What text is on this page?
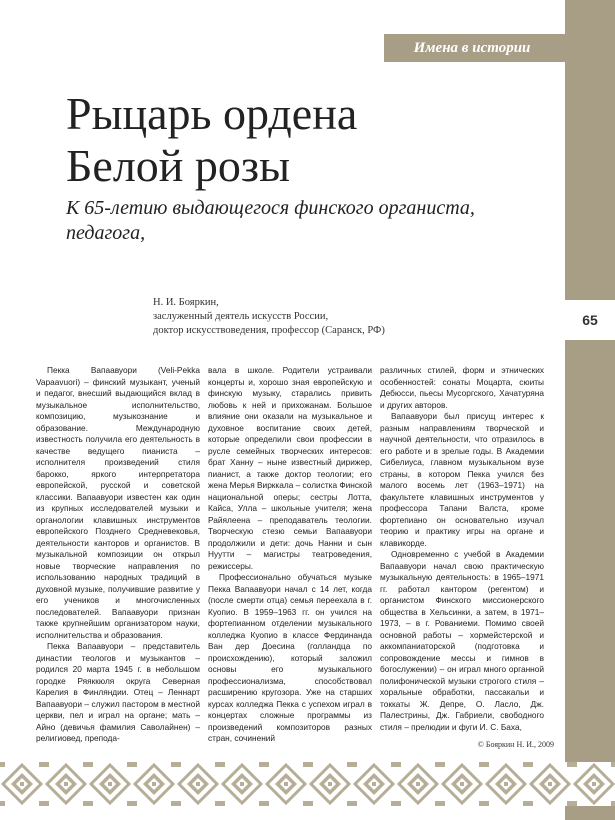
Имена в истории
65
Рыцарь ордена
Белой розы
К 65-летию выдающегося финского органиста, педагога,
Н. И. Бояркин,
заслуженный деятель искусств России,
доктор искусствоведения, профессор (Саранск, РФ)

Пекка Вапаавуори (Veli-Pekka Vapaavuori) – финский музыкант, ученый и педагог, внесший выдающийся вклад в музыкальное исполнительство, композицию, музыкознание и образование. Международную известность получила его деятельность в качестве ведущего пианиста – исполнителя произведений стиля барокко, яркого интерпретатора европейской, русской и советской классики. Вапаавуори известен как один из крупных исследователей музыки и органологии клавишных инструментов европейского Позднего Средневековья, деятельности канторов и органистов. В музыкальной композиции он открыл новые творческие направления по использованию народных традиций в духовной музыке, получившие развитие у его учеников и многочисленных последователей. Вапаавуори признан также крупнейшим организатором науки, исполнительства и образования.

Пекка Вапаавуори – представитель династии теологов и музыкантов – родился 20 марта 1945 г. в небольшом городке Ряяккюля округа Северная Карелия в Финляндии. Отец – Леннарт Вапаавуори – служил пастором в местной церкви, пел и играл на органе; мать – Айно (девичья фамилия Саволайнен) – религиовед, препода-

вала в школе. Родители устраивали концерты и, хорошо зная европейскую и финскую музыку, старались привить любовь к ней и прихожанам. Большое влияние они оказали на музыкальное и духовное воспитание своих детей, которые определили свои профессии в русле семейных творческих интересов: брат Ханну – ныне известный дирижер, пианист, а также доктор теологии; его жена Мерья Вирккала – солистка Финской национальной оперы; сестры Лотта, Кайса, Улла – школьные учителя; жена Райялеена – преподаватель теологии. Творческую стезю семьи Вапаавуори продолжили и дети: дочь Нанни и сын Нуутти – магистры театроведения, режиссеры.

Профессионально обучаться музыке Пекка Вапаавуори начал с 14 лет, когда (после смерти отца) семья переехала в г. Куопио. В 1959–1963 гг. он учился на фортепианном отделении музыкального колледжа Куопио в классе Фердинанда Ван дер Доесина (голландца по происхождению), который заложил основы его музыкального профессионализма, способствовал расширению кругозора. Уже на старших курсах колледжа Пекка с успехом играл в концертах сложные программы из произведений композиторов разных стран, сочинений

различных стилей, форм и этнических особенностей: сонаты Моцарта, сюиты Дебюсси, пьесы Мусоргского, Хачатуряна и других авторов.

Вапаавуори был присущ интерес к разным направлениям творческой и научной деятельности, что отразилось в его работе и в зрелые годы. В Академии Сибелиуса, главном музыкальном вузе страны, в котором Пекка учился без малого восемь лет (1963–1971) на факультете клавишных инструментов у профессора Тапани Валста, кроме фортепиано он основательно изучал теорию и практику игры на органе и клавикорде.

Одновременно с учебой в Академии Вапаавуори начал свою практическую музыкальную деятельность: в 1965–1971 гг. работал кантором (регентом) и органистом Финского миссионерского общества в Хельсинки, а затем, в 1971–1973, – в г. Рованиеми. Помимо своей основной работы – хормейстерской и аккомпаниаторской (подготовка и сопровождение мессы и гимнов в богослужении) – он играл много органной полифонической музыки строгого стиля – хоральные обработки, пассакальи и токкаты Ж. Депре, О. Ласло, Дж. Палестрины, Дж. Габриели, свободного стиля – прелюдии и фуги И. С. Баха,

© Бояркин Н. И., 2009
